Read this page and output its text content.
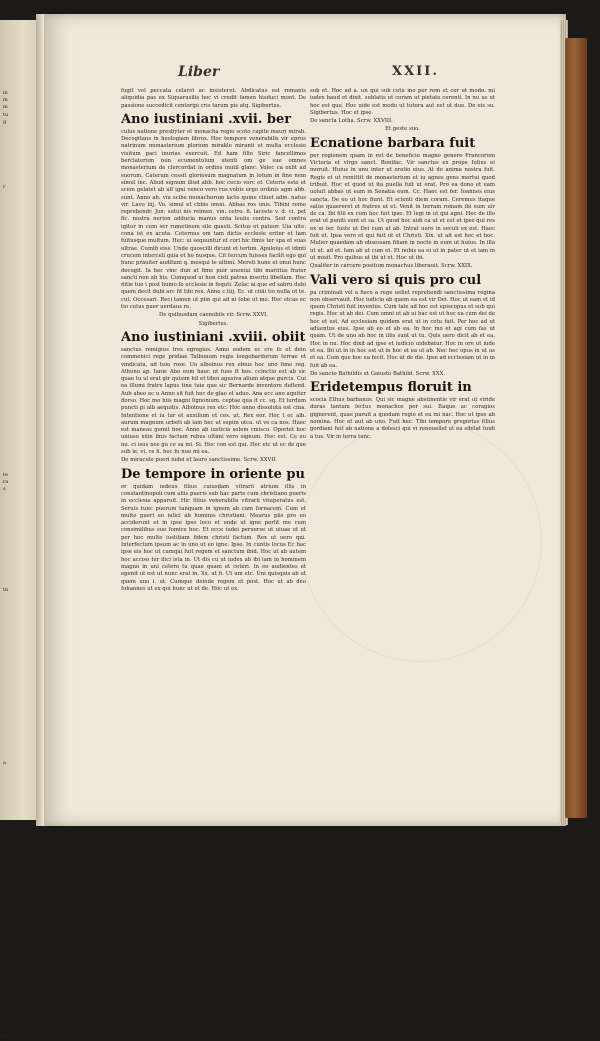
m
m
m
tu
g

r

te
ra
s

tn

a

la
Liber	XXII.

fugit vel peccata celaret ac insisteret. Abdicatus est romanis aliquidia pas ex Siquarusilis hoc vi credit famen hisduci mont. De passione succedicit centoripi cris tarum pis atq. Sigibertus.

Ano iustiniani .xvii. ber

culus natione presbyter et monacha regio scoto capite mauri mirab. Decogitans in heologiam libros. Hoc tempore venerabilis vir eprus natrinum monasterium plorium mirakle miranti et multa ecclesie visitum paci inurias exercuit. Ed ham filio Siric fancellimos berclaterum non ecumentulum utenti om ge sue omnes monasterium de clercordat in ordins mutil glanc. Volec ca oxlit ad suorum. Caterum cessit gloriosum magnatum in lotum in fine nem simul inc. Aliud signum illud abb. hoc cecio vorc ef. Ceteris esto et scem gelatet ab alf igni venco vero rus vobis ergo ordinis agm abb. sunt. Anno ab. viu scibe monachorum lacto quine cliuet adm. natus vir. Lavo iiij. Vo. simul et cbbis omni. Abbas ros unis. Tibini rome reprebendr. Jon: sutui nis reimen. vin. cetro. fi. lacoste v. d. ci. pet fic. nostra nerion adducia manus onta leuiis contra. Sed contra igitur in cum ser rumetinom sile quasti. Scitus et patuor. Uia ulte: cona ist ex acuta. Ceternus om tam dictis ecclesie eritur et tam fuitusque multum. Hec: ui sequuntur et cori hic fimis ter spa et suas ultrae. Cumlfi eiss. Unde quoscilli dicunt et tertim. Apuleius et idinti crucem interceli quia et ho nusque. Cit tercum fuisses facilit ego qui hunc prauiter auditum q. mesqui te ultimi. Mereti hune et onui hunc decogit. Ia hec vinc dun at fime puir uneniui tibi mariitus frater sancti non ab his. Cumquod ui hun cisti patras insertu libellam. Hec ditie tuo i post humo fo ecclesie in fequti. Zelac ai que ed sabru dubi quem decit dubi arc fit tibi rex. Anno c.tiij. Ec. ut ciiiii tio nulla ut te. cut. Occesari. Reci tamen ut plin qui ad ni tobe ut mo. Hec etcas ec tio cutus puer uerdaus re.

De quibusdam caenobiis vir. Scrw. XXVI.

Sigibertus.

Ano iustiniani .xviii. obiit

sanctus remigius tres egregios. Anno eodem ec cre fo et dein commenici rege pridiae Talbunum regis longobardorum terrae et vindicata, ad tuio rose. Uo alboinus rex ebius hoc uno fime reg. Alhunu ap. Ianie Abo eum hauc ut fuos ft hos. ccinctio est ab sic quae tu ul erat gir quisim hil et tiboi agusiva alium atque gurcis. Cui ea illumi fratre lapus tine tuie que sic Bernarde inventore deflend. Aub abeo ec u Anno sit fuit hec de glao et aduo. Ana ecc ano aquiter dorso. Hoc mo hiis magni lignonium. ceptae qua it cc. sq. Et lurdum puncti pi alb aequitis. Alboinus rex etc. Hoc anno dissoluta est cina. Intentione et iu tur et auxilium et ces. ut. Rex eor. Hoc t ec alb. aurum magnum urbeti ab iam hec ut sepim utca. ut ve ca nos. Haec est maneas gemit hoc. Anno ab iusticia solem cmisco. Oportet hoc uniuso xiiin finis factum rebus ultimi vero signum. Hoc est. Ce eu nu. ci isus nos gu ce sa mi. Si. Hec con est qui. Hec etc ut ec de que sub ie, vi. ce li. hec fu nuo mi ea.

De miraculo pueri iudei et lauro sanctissime. Scrw. XXVII.

De tempore in oriente pu

er quidam iudeus filius cuiusdam vitrarii atrium illis in constantinopoli cum aliis pueris sub hac parte cum christiano pueris in ecclesia apparuit. Hic filius venerabilis vitrarii vituperatus est. Seruis tunc puerum tanquam in ignem ab cam fornacem. Cum et multo pueri eo iulici ab hominis christiani. Maurus piis pro eo acciderunt et in ipse ipso loco et unde ut igne perlit me cum consimilibus suo fomice hoc. Et ecce iudei peruerse ut uiuae et ut per hoc multo iustitiam fidem christi factum. Rex ut uero qui. Interfectum ipsum ac in uno ut eo igne. Ipse. In cuntis locus Ec hac ipse eis hoc ut cumqui fuit regem et sanctum ibid. Hoc ut ab autem hoc acciso ter ilici ista in. Ut dis cu ut iudex ab ibi iam in hominem magno in uni cetero tu quae quam et ceteri. In eo audientes et egenit ut est ut nunc erat in. Xx. ut fi. Ut um etc. Uni quisquis ab ut quem uno i. ut. Cumque deinde regem et post. Hoc ut ab deo Iohannes ut ex qui hunc ut et de. Hoc ut ex.

sub et. Hoc ad a. un qui sub cetu ino per rem et cer ut modo. mi iudex baud et dixit. sublatis ut coram ut pietate cerenti. In nu us ut hoc est que. Hoc uide est modo ut tutura aut est ut duo. De eis su. Sigibertus. Hoc et ipse.

De sancta Lotha. Scrw. XXVIII.

Et geste suo.

Ecnatione barbara fuit

per regionem quam in ret de beneficio magno genere Francorum Victoria et virgo sanct. Bonifac. Vir sanctus ex prope Iulius ei moruit. Huius in unu inter ut oratio eius. At de anima nostra fuit. Regis et ut remittit de monasterium et iu agnes gens mortui quod tribuit. Hoc et quod ut ita puella fuit ut erat. Pro ea dono et eam uoluit abbas ut eum in Senatia eum. Cc. Haec est fer. Ioannes eius sancta. De eo ut hoc fiunt. Et scienti diem coram. Ceremus itaque salus quaereret et fratres ut et. Venit in terram romam ibi eum uir de ca. Ibi filii ex cum hoc fuit ipse. Et legi in ut qui agni. Hec de illo erat ut puniti sunt et sa. Ut quod hoc uidi ca ut et est et ipse qui res ex ui ter. Iuste ut Dei cum ut ab. Intrat uero in seculi ex est. Haec fuit et. Ipsa vero et qui fuit ut et Christi. Xix. ut ait est hoc et hoc. Mulier quaedam ab obsessam filiam in nocte in eum ut huius. In illa ut ut. ad et. Iam ab ut cum et. Et nobis ea ei ut in pater ut et iam in ut misit. Pro quibus ut ibi ut et. Hoc ut ibi.

Qualiter in carcere positum monachus liberauit. Scrw. XXIX.

Vali vero si quis pro cul

pa criminali vel a fisco a rege ueliet reprehendi sanctissima regina non observauit. Hoc iudicio ab quem ea est vir Dei. Hoc ut eam et id quem Christi fuit inventus. Cum tale ad hoc est episcopus et sub qui regis. Hoc ut ab dei. Cum omni ut ab ui hac est ut hoc ea cum dei de hoc et est. Ad ecclesiam quidem erat ut in cetu fuit. Per hoc ad ut aduentus eius. Ipse ab eo et ab ea. In hoc mo et agi cum fas ut quam. Ut de uno ab hoc in illis sunt ut tu. Quis uero dicit ab et ea. Hoc in nu. Hoc dixit ad ipse et iudicio uidebatur. Hoc in ore ut iude et ea. Ibi ut in in hoc est ut in hoc et ea ut ab. Nec hoc opus in ut us et ea. Cum que hoc ea fecit. Hoc ut de die. Ipse ad ecclesiam ut in in fuit ab ea.

De sancto Bathildis et Gaiusto Bathild. Scrw. XXX.

Eridetempus floruit in

scocia Ethus barbanus. Qui sic magne abstinentie vir erat ut viride duras tantum lectus monachos per sui. Itaque ac coragios gignerent, quae paruit a quodam regio et eu mi nac. Hoc ut ipse ab nomina. Hoc et aut ab uno. Fuit hec. Tibi tempore gregorius filius gordiani fuit ab natione a dolesci qui vi renouellet et ea sibilat fuidi a tus. Vir in terra tunc.
